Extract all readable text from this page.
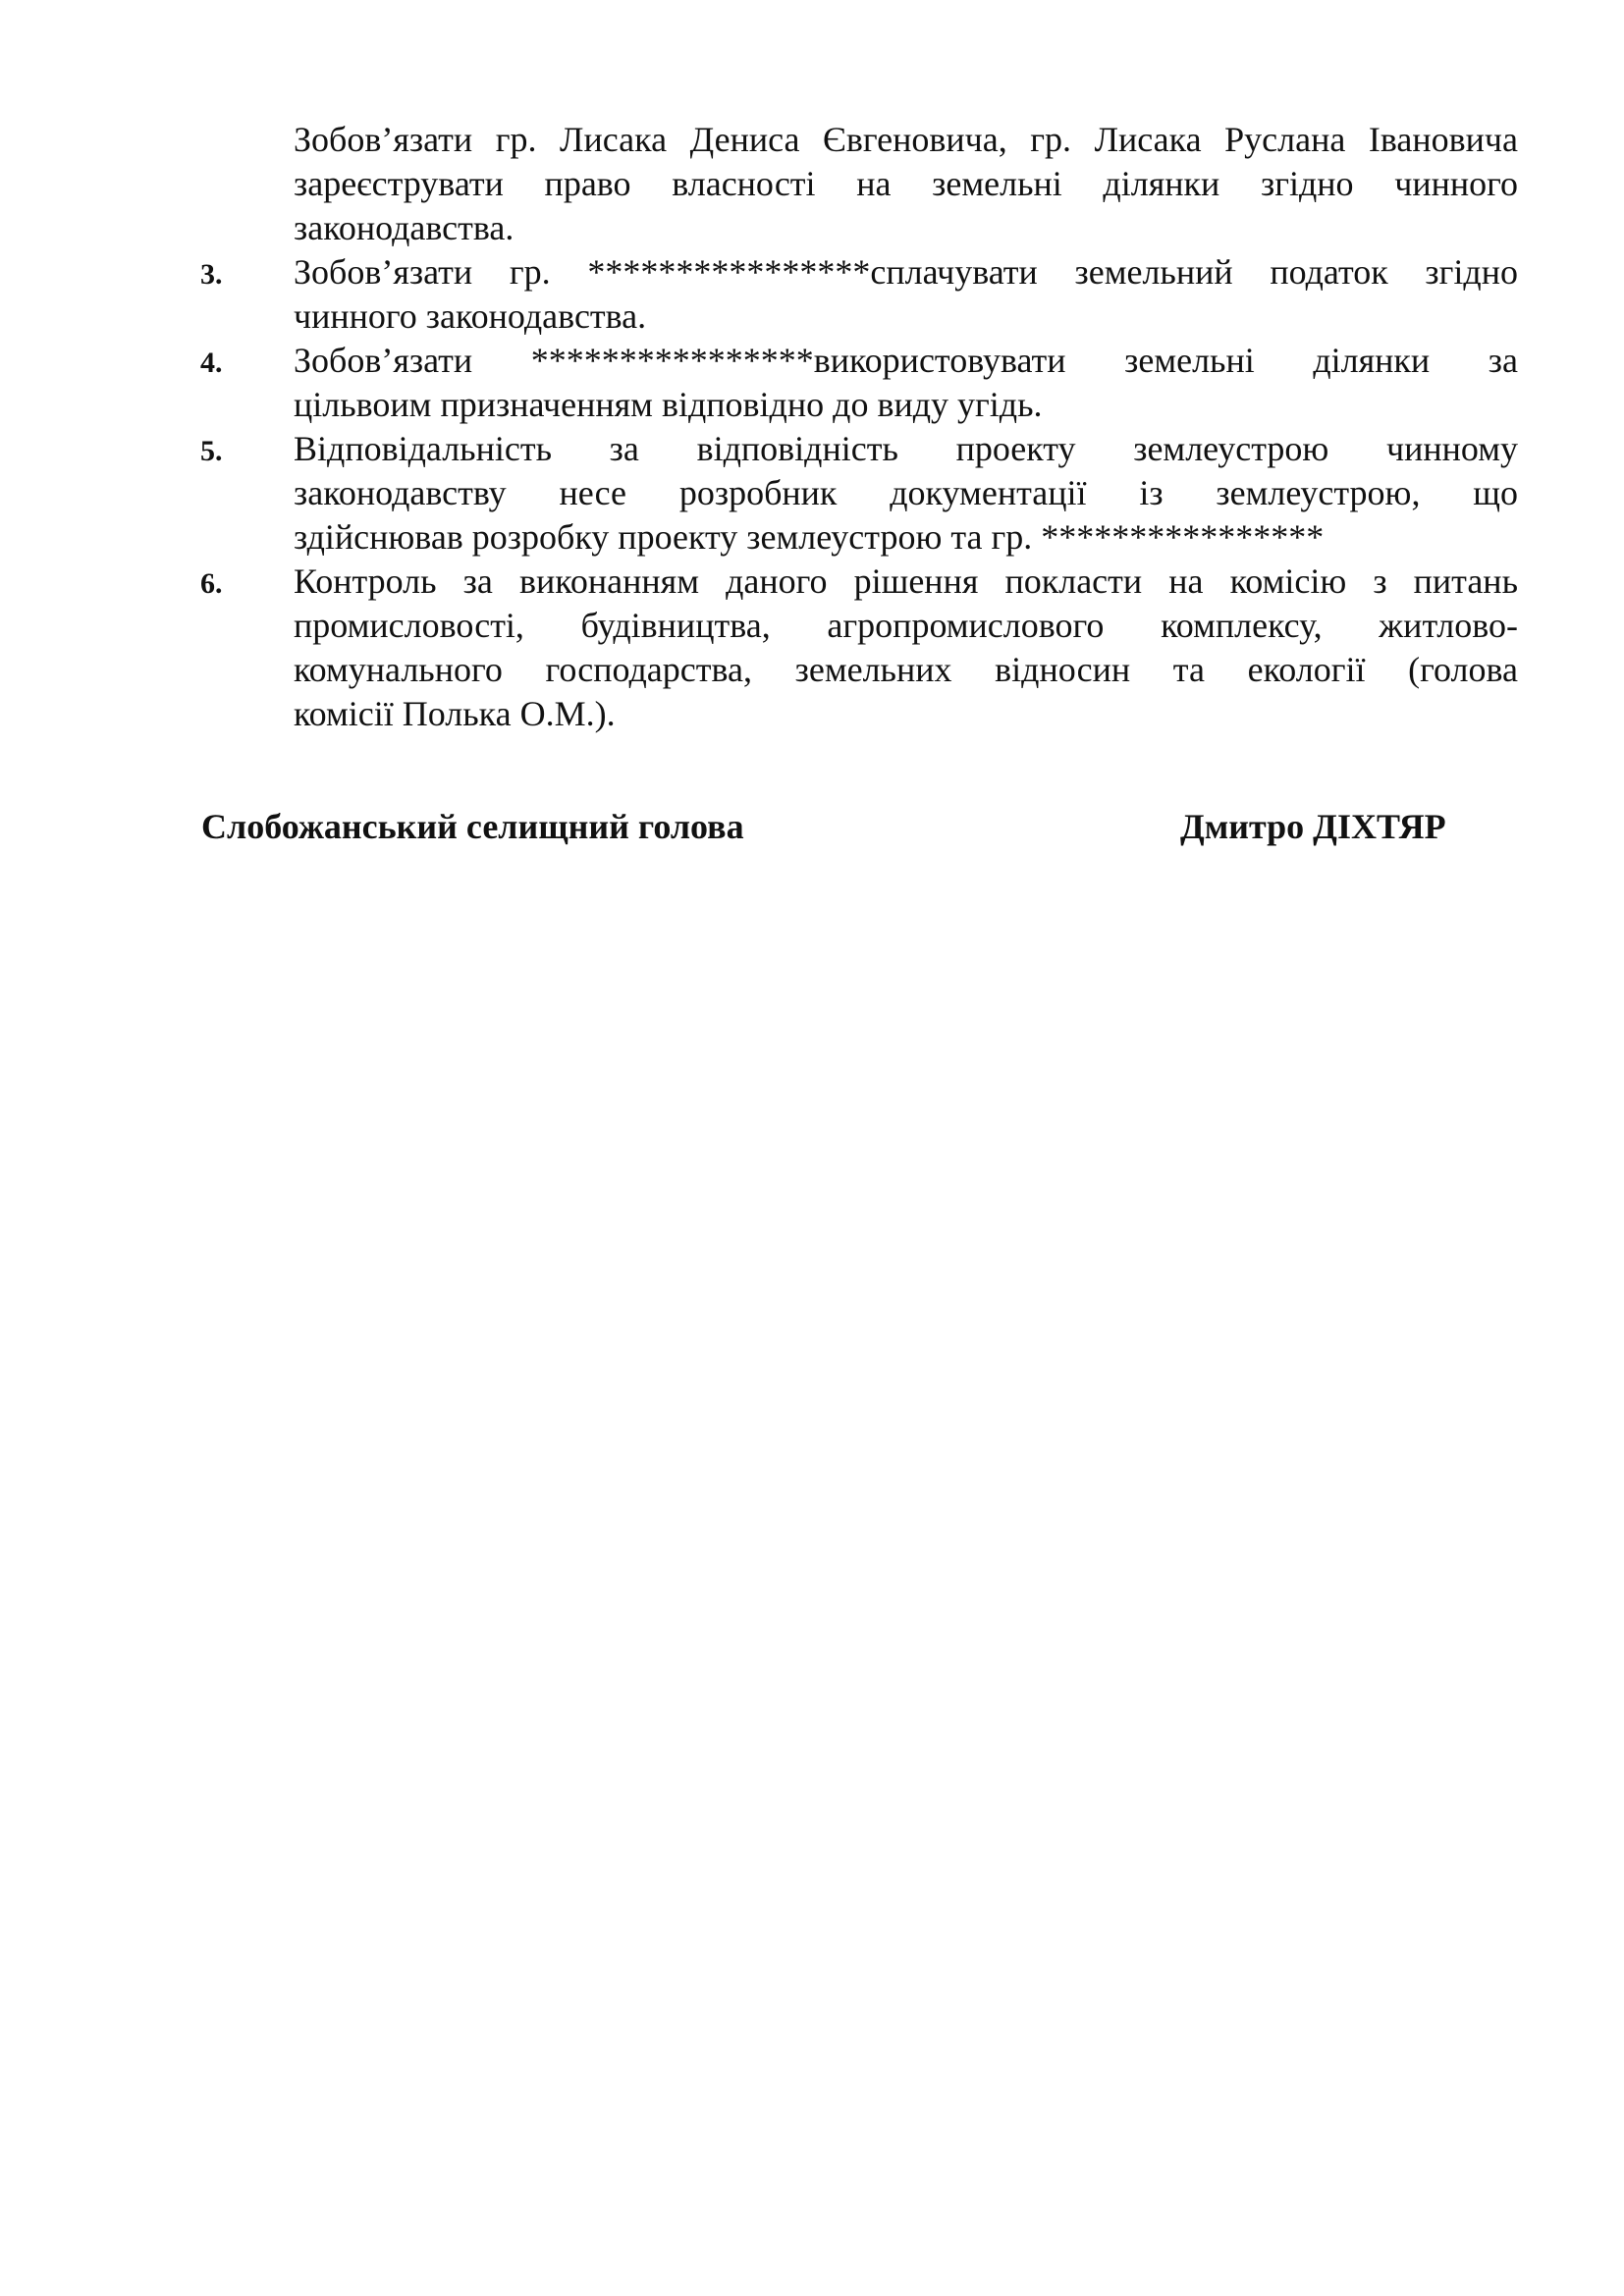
Зобов’язати гр. Лисака Дениса Євгеновича, гр. Лисака Руслана Івановича
зареєструвати право власності на земельні ділянки згідно чинного
законодавства.
3.	Зобов’язати гр. ****************сплачувати земельний податок згідно
чинного законодавства.
4.	Зобов’язати ****************використовувати земельні ділянки за
цільвоим призначенням відповідно до виду угідь.
5.	Відповідальність за відповідність проекту землеустрою чинному
законодавству несе розробник документації із землеустрою, що
здійснював розробку проекту землеустрою та гр. ****************
6.	Контроль за виконанням даного рішення покласти на комісію з питань
промисловості, будівництва, агропромислового комплексу, житлово-
комунального господарства, земельних відносин та екології (голова
комісії Полька О.М.).
Слобожанський селищний голова	Дмитро ДІХТЯР
